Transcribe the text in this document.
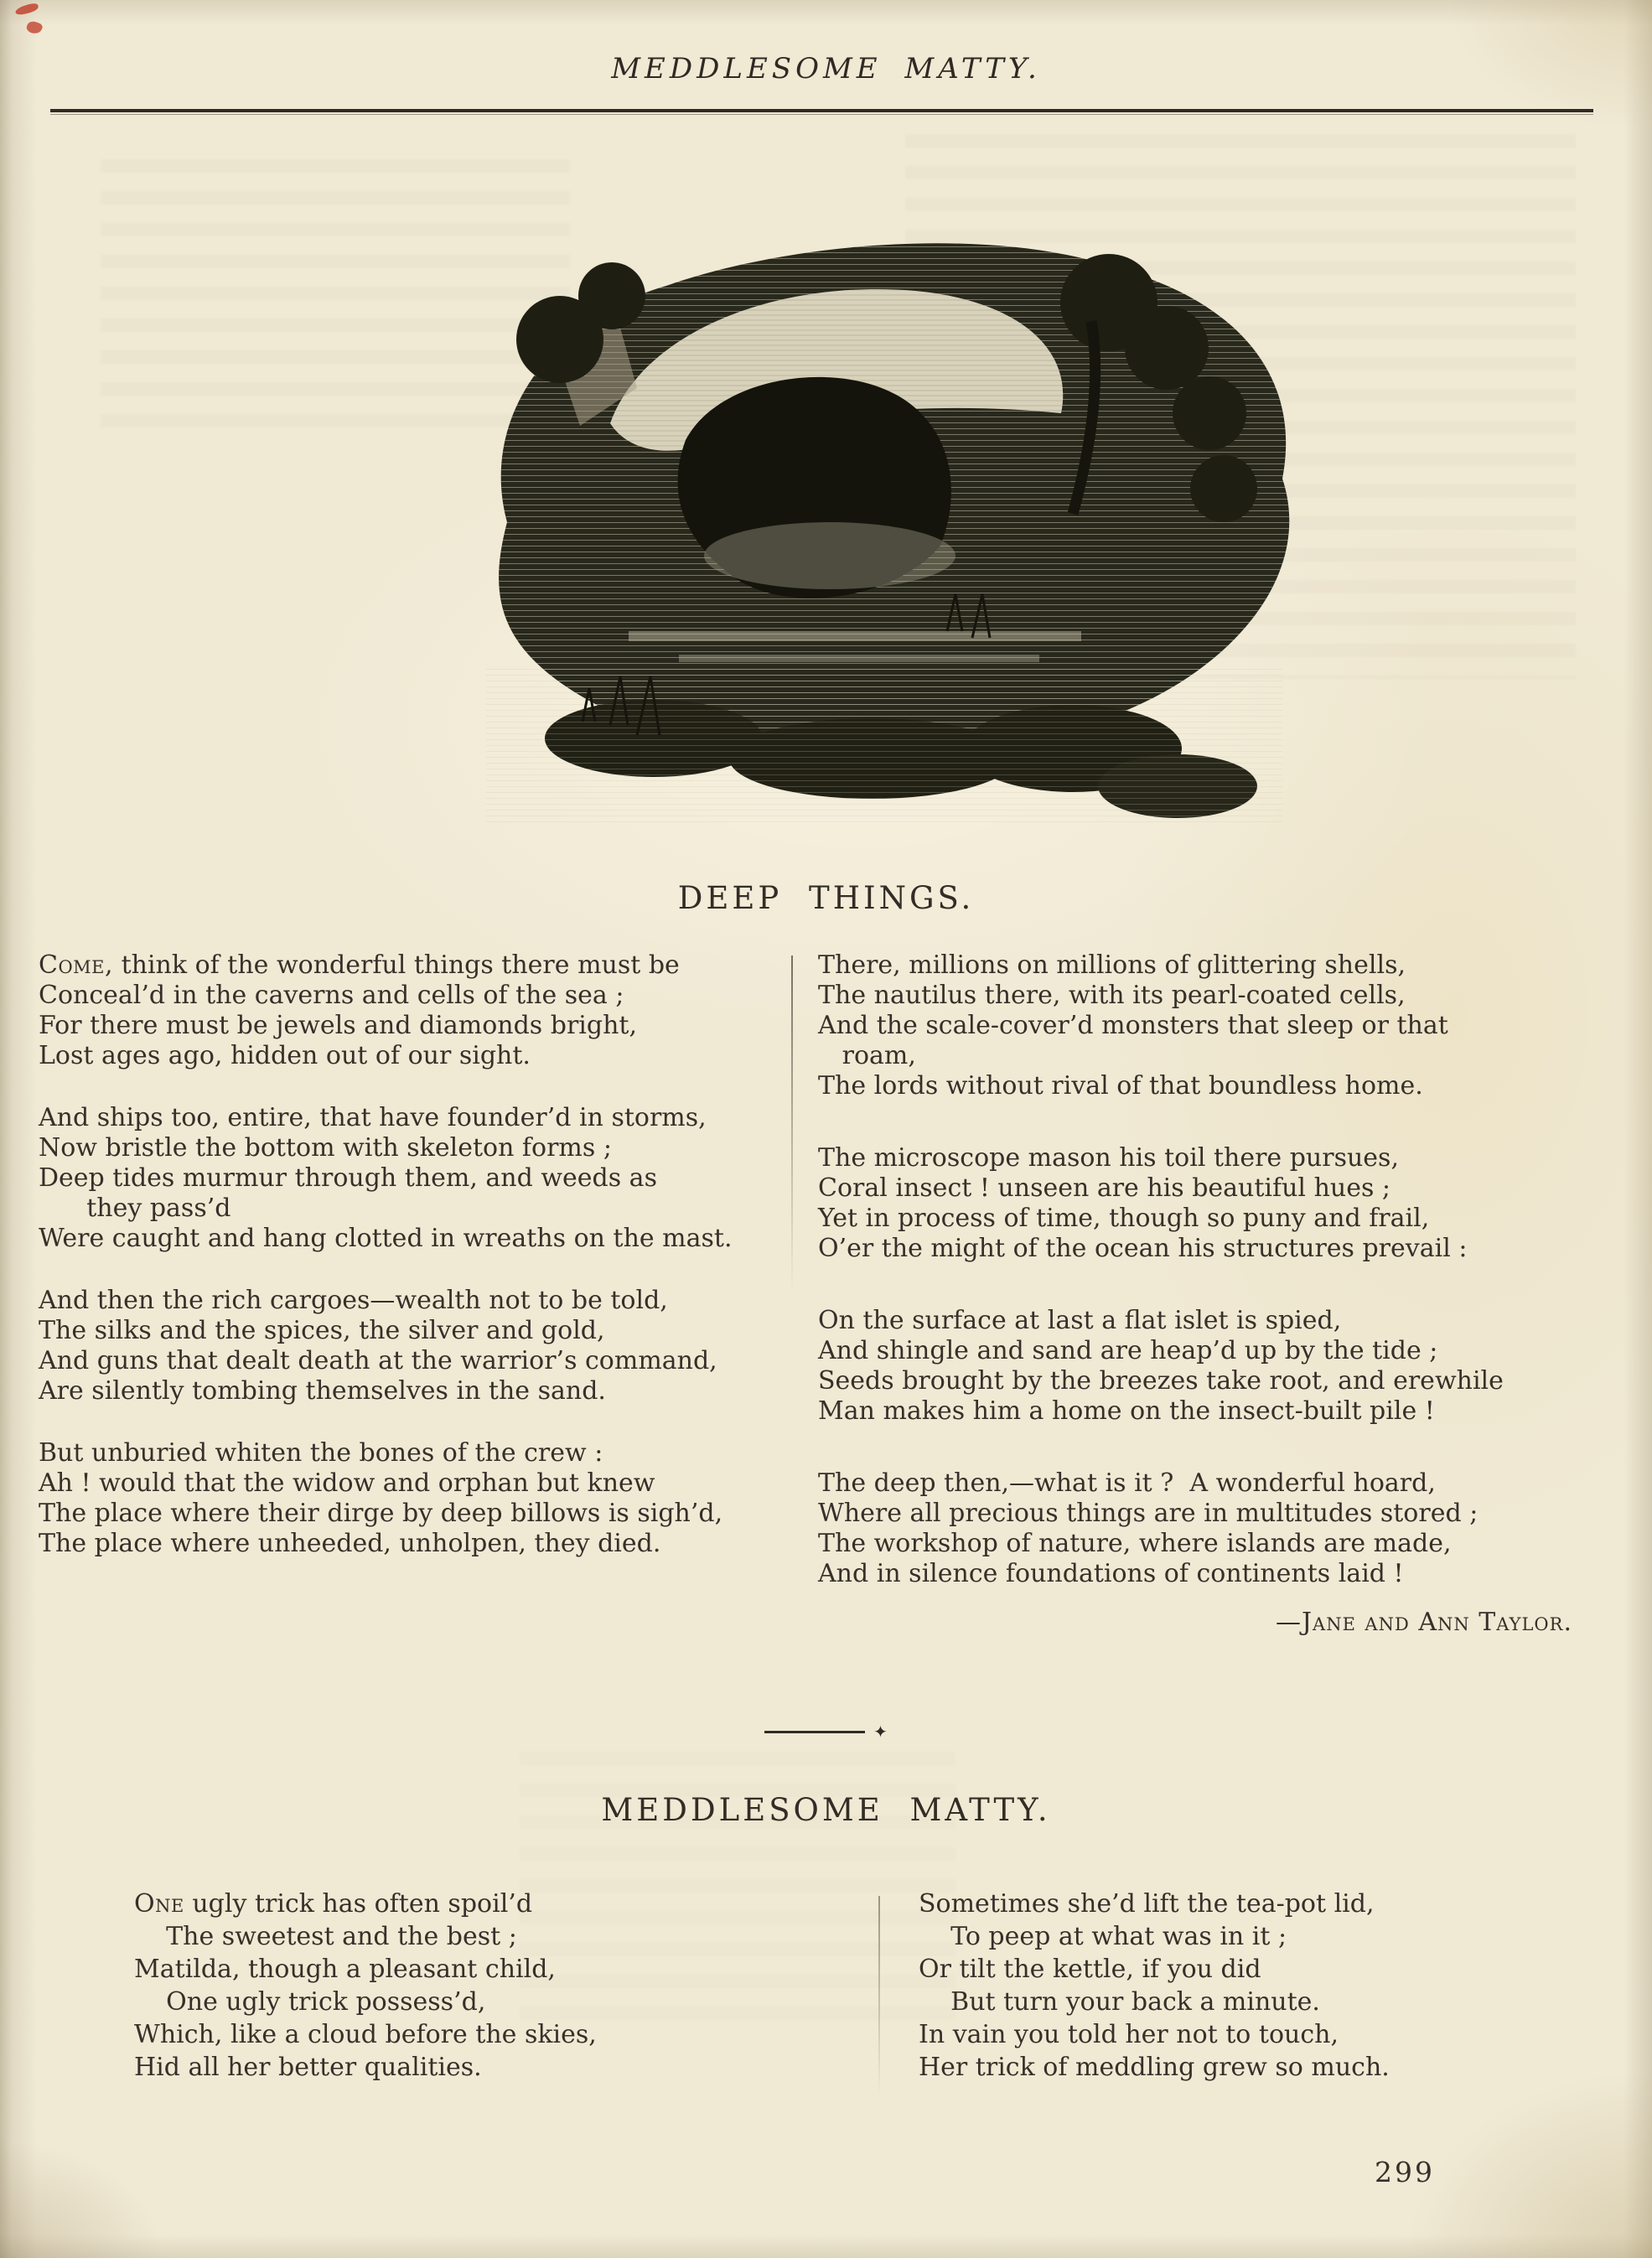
MEDDLESOME MATTY.
DEEP THINGS.
Come, think of the wonderful things there must be
Conceal’d in the caverns and cells of the sea ;
For there must be jewels and diamonds bright,
Lost ages ago, hidden out of our sight.
And ships too, entire, that have founder’d in storms,
Now bristle the bottom with skeleton forms ;
Deep tides murmur through them, and weeds as
they pass’d
Were caught and hang clotted in wreaths on the mast.
And then the rich cargoes—wealth not to be told,
The silks and the spices, the silver and gold,
And guns that dealt death at the warrior’s command,
Are silently tombing themselves in the sand.
But unburied whiten the bones of the crew :
Ah ! would that the widow and orphan but knew
The place where their dirge by deep billows is sigh’d,
The place where unheeded, unholpen, they died.
There, millions on millions of glittering shells,
The nautilus there, with its pearl-coated cells,
And the scale-cover’d monsters that sleep or that
roam,
The lords without rival of that boundless home.
The microscope mason his toil there pursues,
Coral insect ! unseen are his beautiful hues ;
Yet in process of time, though so puny and frail,
O’er the might of the ocean his structures prevail :
On the surface at last a flat islet is spied,
And shingle and sand are heap’d up by the tide ;
Seeds brought by the breezes take root, and erewhile
Man makes him a home on the insect-built pile !
The deep then,—what is it ?  A wonderful hoard,
Where all precious things are in multitudes stored ;
The workshop of nature, where islands are made,
And in silence foundations of continents laid !
—Jane and Ann Taylor.
✦
MEDDLESOME MATTY.
One ugly trick has often spoil’d
The sweetest and the best ;
Matilda, though a pleasant child,
One ugly trick possess’d,
Which, like a cloud before the skies,
Hid all her better qualities.
Sometimes she’d lift the tea-pot lid,
To peep at what was in it ;
Or tilt the kettle, if you did
But turn your back a minute.
In vain you told her not to touch,
Her trick of meddling grew so much.
299
